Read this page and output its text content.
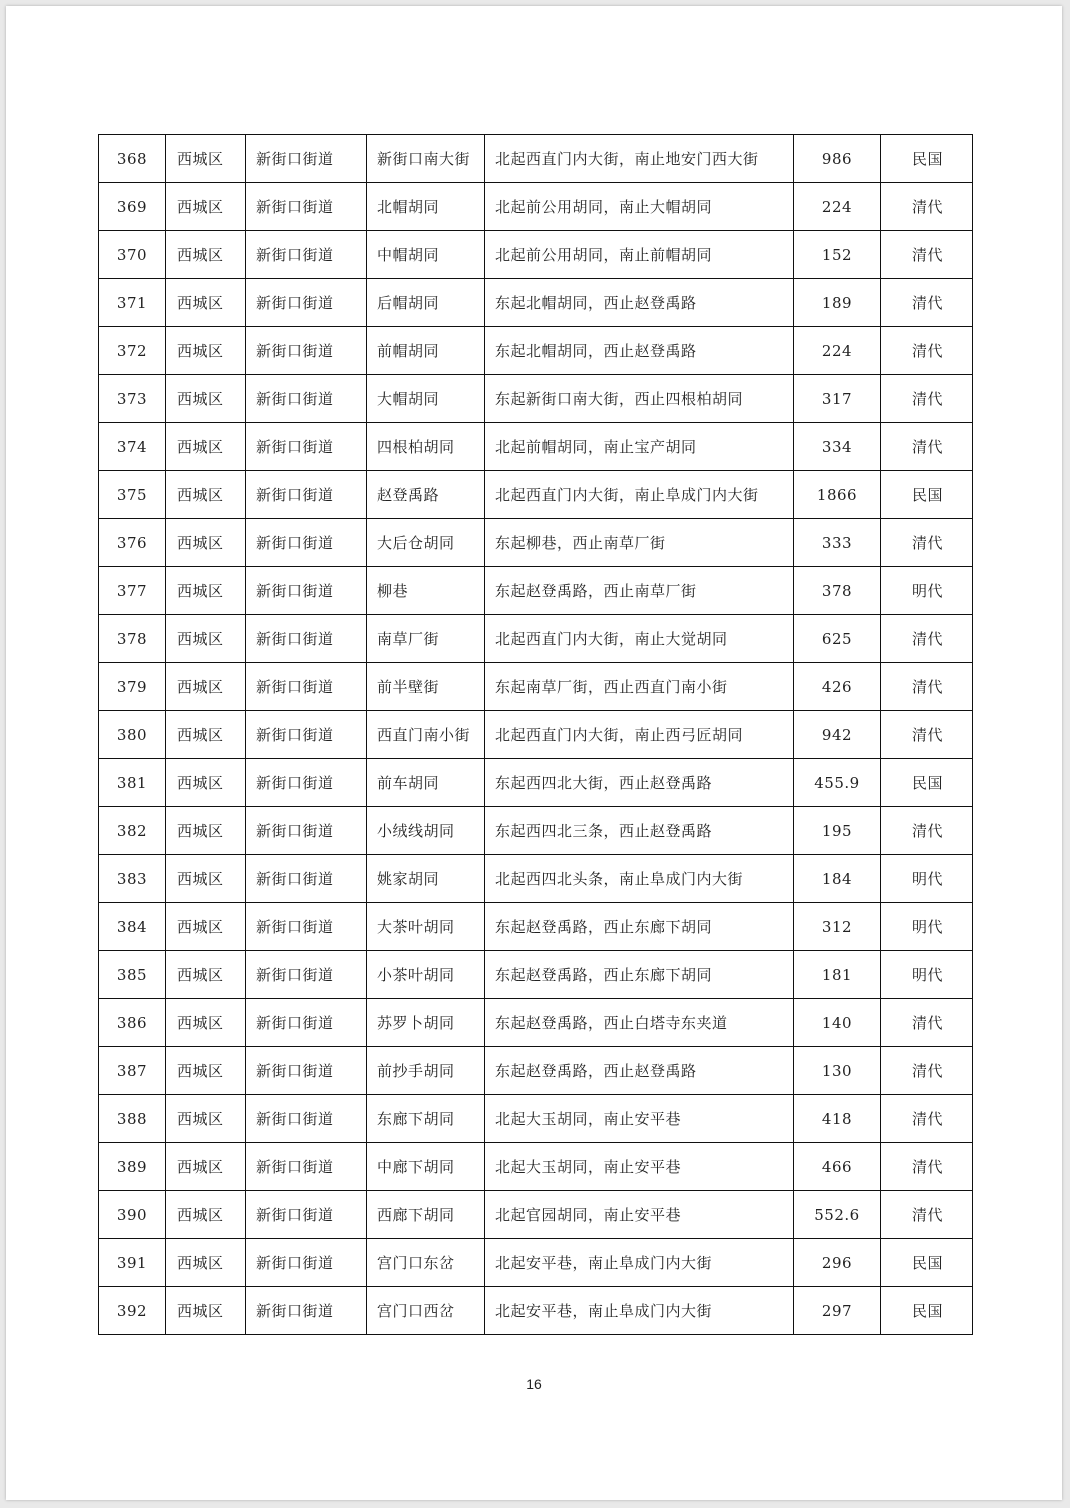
368	西城区	新街口街道	新街口南大街	北起西直门内大街，南止地安门西大街	986	民国
369	西城区	新街口街道	北帽胡同	北起前公用胡同，南止大帽胡同	224	清代
370	西城区	新街口街道	中帽胡同	北起前公用胡同，南止前帽胡同	152	清代
371	西城区	新街口街道	后帽胡同	东起北帽胡同，西止赵登禹路	189	清代
372	西城区	新街口街道	前帽胡同	东起北帽胡同，西止赵登禹路	224	清代
373	西城区	新街口街道	大帽胡同	东起新街口南大街，西止四根柏胡同	317	清代
374	西城区	新街口街道	四根柏胡同	北起前帽胡同，南止宝产胡同	334	清代
375	西城区	新街口街道	赵登禹路	北起西直门内大街，南止阜成门内大街	1866	民国
376	西城区	新街口街道	大后仓胡同	东起柳巷，西止南草厂街	333	清代
377	西城区	新街口街道	柳巷	东起赵登禹路，西止南草厂街	378	明代
378	西城区	新街口街道	南草厂街	北起西直门内大街，南止大觉胡同	625	清代
379	西城区	新街口街道	前半壁街	东起南草厂街，西止西直门南小街	426	清代
380	西城区	新街口街道	西直门南小街	北起西直门内大街，南止西弓匠胡同	942	清代
381	西城区	新街口街道	前车胡同	东起西四北大街，西止赵登禹路	455.9	民国
382	西城区	新街口街道	小绒线胡同	东起西四北三条，西止赵登禹路	195	清代
383	西城区	新街口街道	姚家胡同	北起西四北头条，南止阜成门内大街	184	明代
384	西城区	新街口街道	大茶叶胡同	东起赵登禹路，西止东廊下胡同	312	明代
385	西城区	新街口街道	小茶叶胡同	东起赵登禹路，西止东廊下胡同	181	明代
386	西城区	新街口街道	苏罗卜胡同	东起赵登禹路，西止白塔寺东夹道	140	清代
387	西城区	新街口街道	前抄手胡同	东起赵登禹路，西止赵登禹路	130	清代
388	西城区	新街口街道	东廊下胡同	北起大玉胡同，南止安平巷	418	清代
389	西城区	新街口街道	中廊下胡同	北起大玉胡同，南止安平巷	466	清代
390	西城区	新街口街道	西廊下胡同	北起官园胡同，南止安平巷	552.6	清代
391	西城区	新街口街道	宫门口东岔	北起安平巷，南止阜成门内大街	296	民国
392	西城区	新街口街道	宫门口西岔	北起安平巷，南止阜成门内大街	297	民国
16
